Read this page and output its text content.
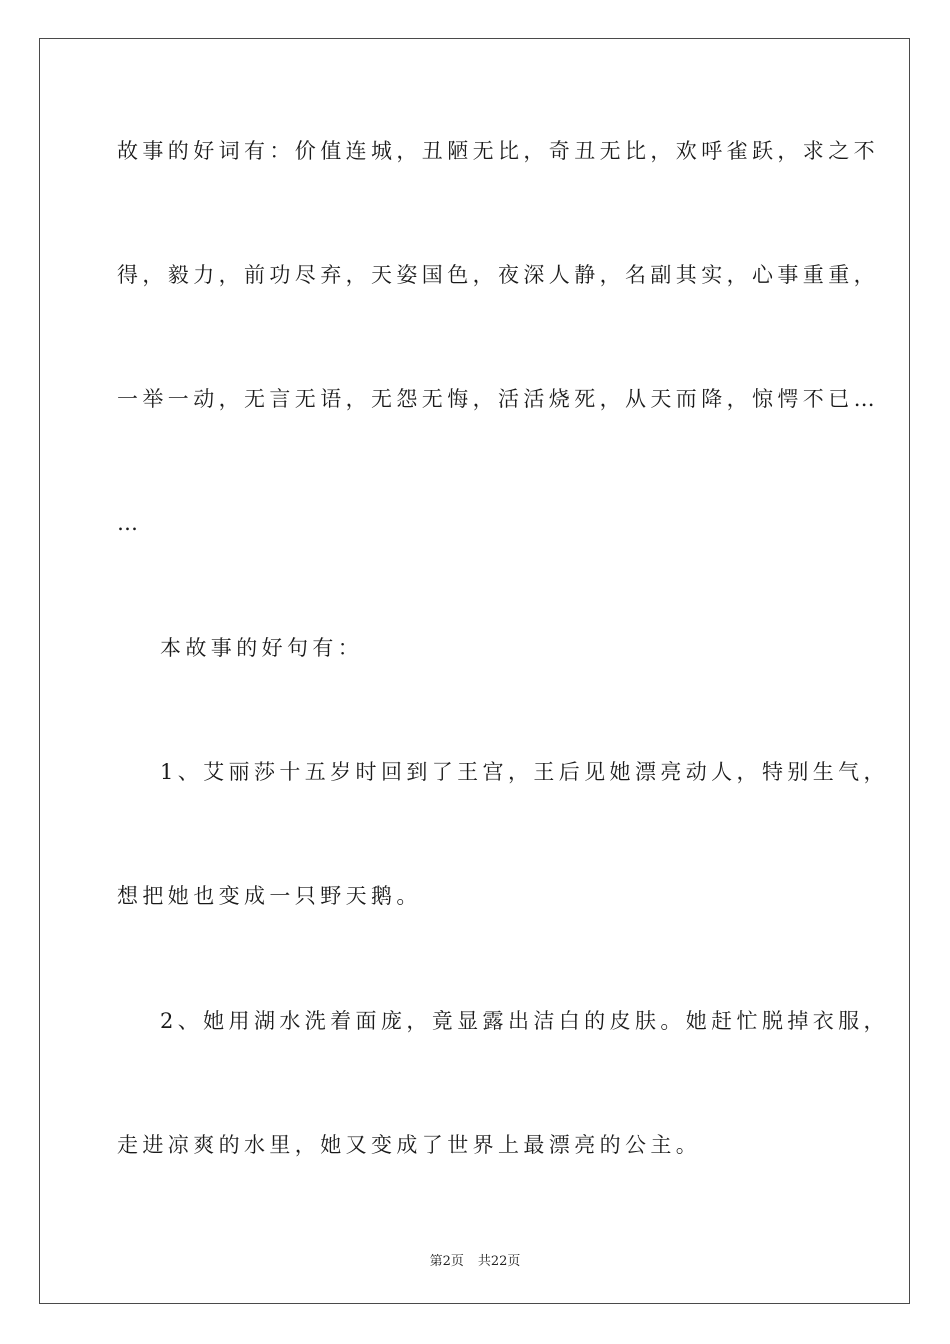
故事的好词有：价值连城，丑陋无比，奇丑无比，欢呼雀跃，求之不
得，毅力，前功尽弃，天姿国色，夜深人静，名副其实，心事重重，
一举一动，无言无语，无怨无悔，活活烧死，从天而降，惊愕不已…
…
本故事的好句有：
1、艾丽莎十五岁时回到了王宫，王后见她漂亮动人，特别生气，
想把她也变成一只野天鹅。
2、她用湖水洗着面庞，竟显露出洁白的皮肤。她赶忙脱掉衣服，
走进凉爽的水里，她又变成了世界上最漂亮的公主。
第2页 共22页
